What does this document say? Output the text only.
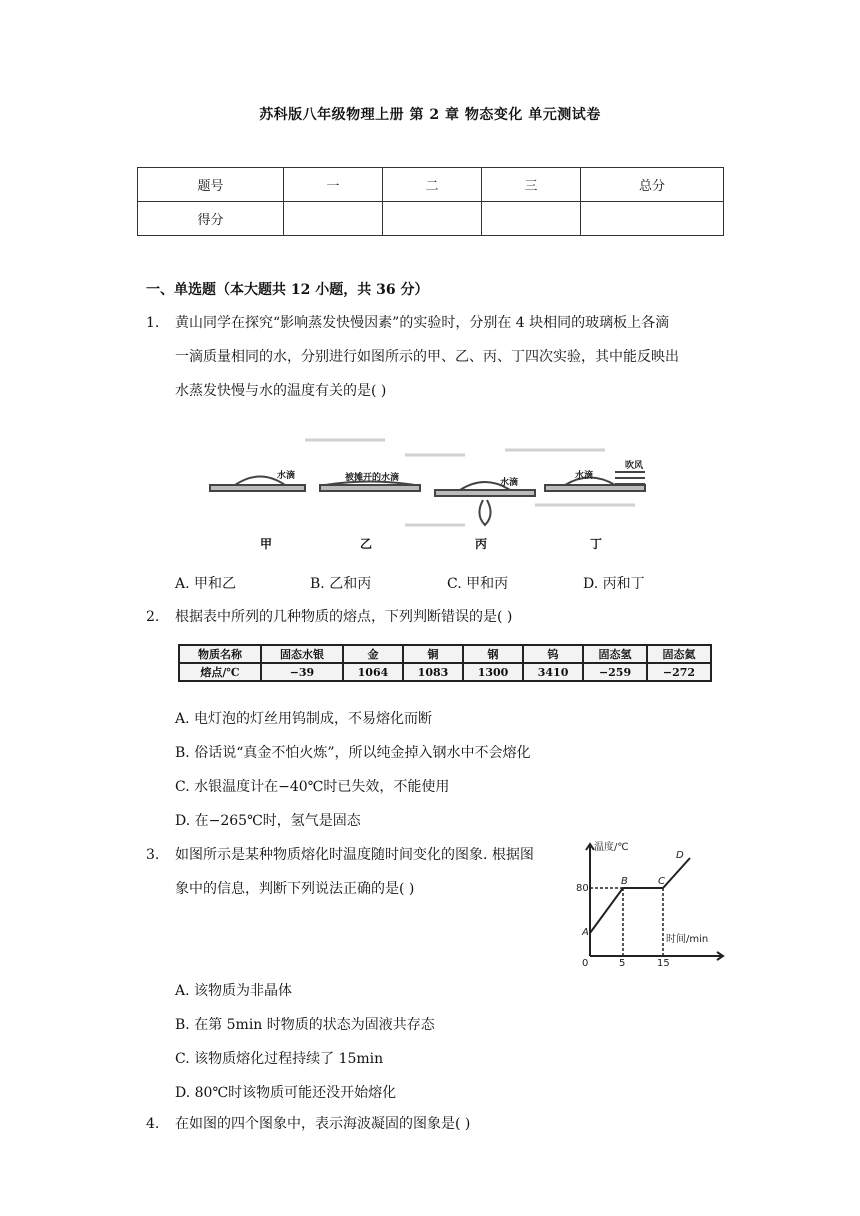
苏科版八年级物理上册 第 2 章 物态变化 单元测试卷
题号	一	二	三	总分
得分				
一、单选题（本大题共 12 小题，共 36 分）
1. 黄山同学在探究“影响蒸发快慢因素”的实验时，分别在 4 块相同的玻璃板上各滴
一滴质量相同的水，分别进行如图所示的甲、乙、丙、丁四次实验，其中能反映出
水蒸发快慢与水的温度有关的是( )
水滴	被摊开的水滴	水滴
水滴
吹风
甲	乙	丙	丁
A. 甲和乙	B. 乙和丙	C. 甲和丙	D. 丙和丁
2. 根据表中所列的几种物质的熔点，下列判断错误的是( )
物质名称	固态水银	金	铜	钢	钨	固态氢	固态氦
熔点/℃	−39	1064	1083	1300	3410	−259	−272
A. 电灯泡的灯丝用钨制成，不易熔化而断
B. 俗话说“真金不怕火炼”，所以纯金掉入钢水中不会熔化
C. 水银温度计在−40℃时已失效，不能使用
D. 在−265℃时，氢气是固态
3. 如图所示是某种物质熔化时温度随时间变化的图象. 根据图
象中的信息，判断下列说法正确的是( )
温度/℃
时间/min
80
0	5	15
A
B	C
D
A. 该物质为非晶体
B. 在第 5min 时物质的状态为固液共存态
C. 该物质熔化过程持续了 15min
D. 80℃时该物质可能还没开始熔化
4. 在如图的四个图象中，表示海波凝固的图象是( )
